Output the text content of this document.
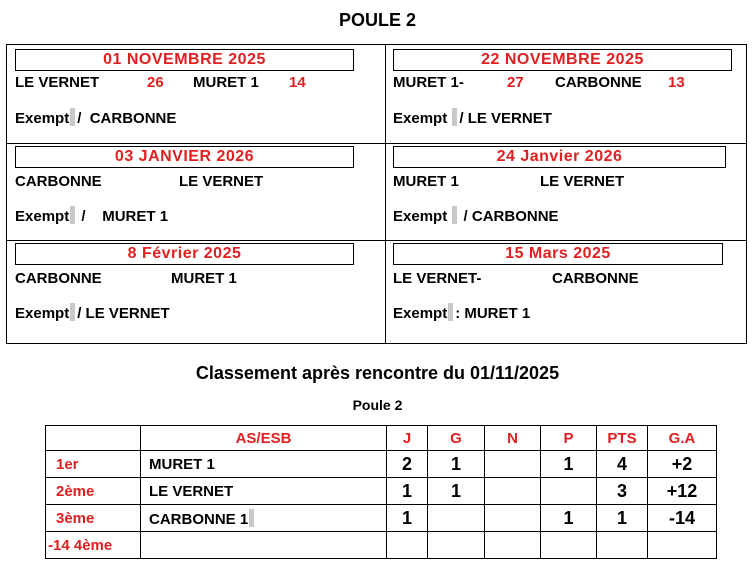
POULE 2
01 NOVEMBRE 2025
LE VERNET	26 MURET 1 14
Exempt / CARBONNE
22 NOVEMBRE 2025
MURET 1-	27 CARBONNE 13
Exempt / LE VERNET
03 JANVIER 2026
CARBONNE	LE VERNET
Exempt / MURET 1
24 Janvier 2026
MURET 1	LE VERNET
Exempt / CARBONNE
8 Février 2025
CARBONNE	MURET 1
Exempt / LE VERNET
15 Mars 2025
LE VERNET-	CARBONNE
Exempt : MURET 1
Classement après rencontre du 01/11/2025
Poule 2
	AS/ESB	J	G	N	P	PTS	G.A
1er	MURET 1	2	1		1	4	+2
2ème	LE VERNET	1	1			3	+12
3ème	CARBONNE 1	1			1	1	-14
-14 4ème							
